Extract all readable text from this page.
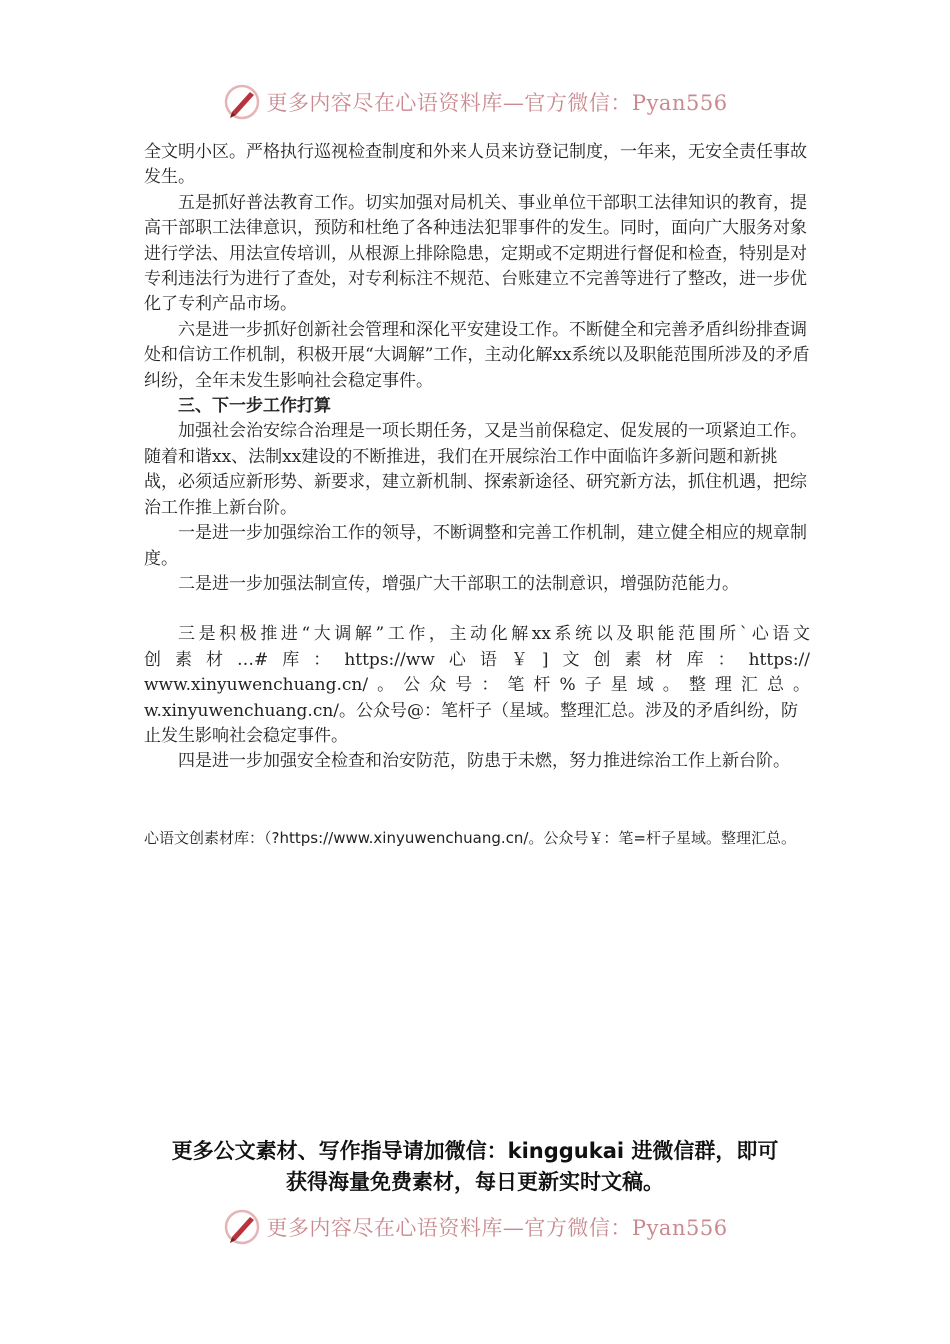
更多内容尽在心语资料库—官方微信：Pyan556

全文明小区。严格执行巡视检查制度和外来人员来访登记制度，一年来，无安全责任事故发生。

五是抓好普法教育工作。切实加强对局机关、事业单位干部职工法律知识的教育，提高干部职工法律意识，预防和杜绝了各种违法犯罪事件的发生。同时，面向广大服务对象进行学法、用法宣传培训，从根源上排除隐患，定期或不定期进行督促和检查，特别是对专利违法行为进行了查处，对专利标注不规范、台账建立不完善等进行了整改，进一步优化了专利产品市场。

六是进一步抓好创新社会管理和深化平安建设工作。不断健全和完善矛盾纠纷排查调处和信访工作机制，积极开展“大调解”工作，主动化解xx系统以及职能范围所涉及的矛盾纠纷，全年未发生影响社会稳定事件。

三、下一步工作打算

加强社会治安综合治理是一项长期任务，又是当前保稳定、促发展的一项紧迫工作。随着和谐xx、法制xx建设的不断推进，我们在开展综治工作中面临许多新问题和新挑战，必须适应新形势、新要求，建立新机制、探索新途径、研究新方法，抓住机遇，把综治工作推上新台阶。

一是进一步加强综治工作的领导，不断调整和完善工作机制，建立健全相应的规章制度。

二是进一步加强法制宣传，增强广大干部职工的法制意识，增强防范能力。

三是积极推进“大调解”工作，主动化解xx系统以及职能范围所`心语文

创素材…#库：https://ww心语￥]文创素材库：https://

www.xinyuwenchuang.cn/。公众号：笔杆%子星域。整理汇总。

w.xinyuwenchuang.cn/。公众号@：笔杆子（星域。整理汇总。涉及的矛盾纠纷，防止发生影响社会稳定事件。

四是进一步加强安全检查和治安防范，防患于未燃，努力推进综治工作上新台阶。

心语文创素材库：（?https://www.xinyuwenchuang.cn/。公众号￥：笔=杆子星域。整理汇总。
更多公文素材、写作指导请加微信：kinggukai 进微信群，即可
获得海量免费素材，每日更新实时文稿。
更多内容尽在心语资料库—官方微信：Pyan556
